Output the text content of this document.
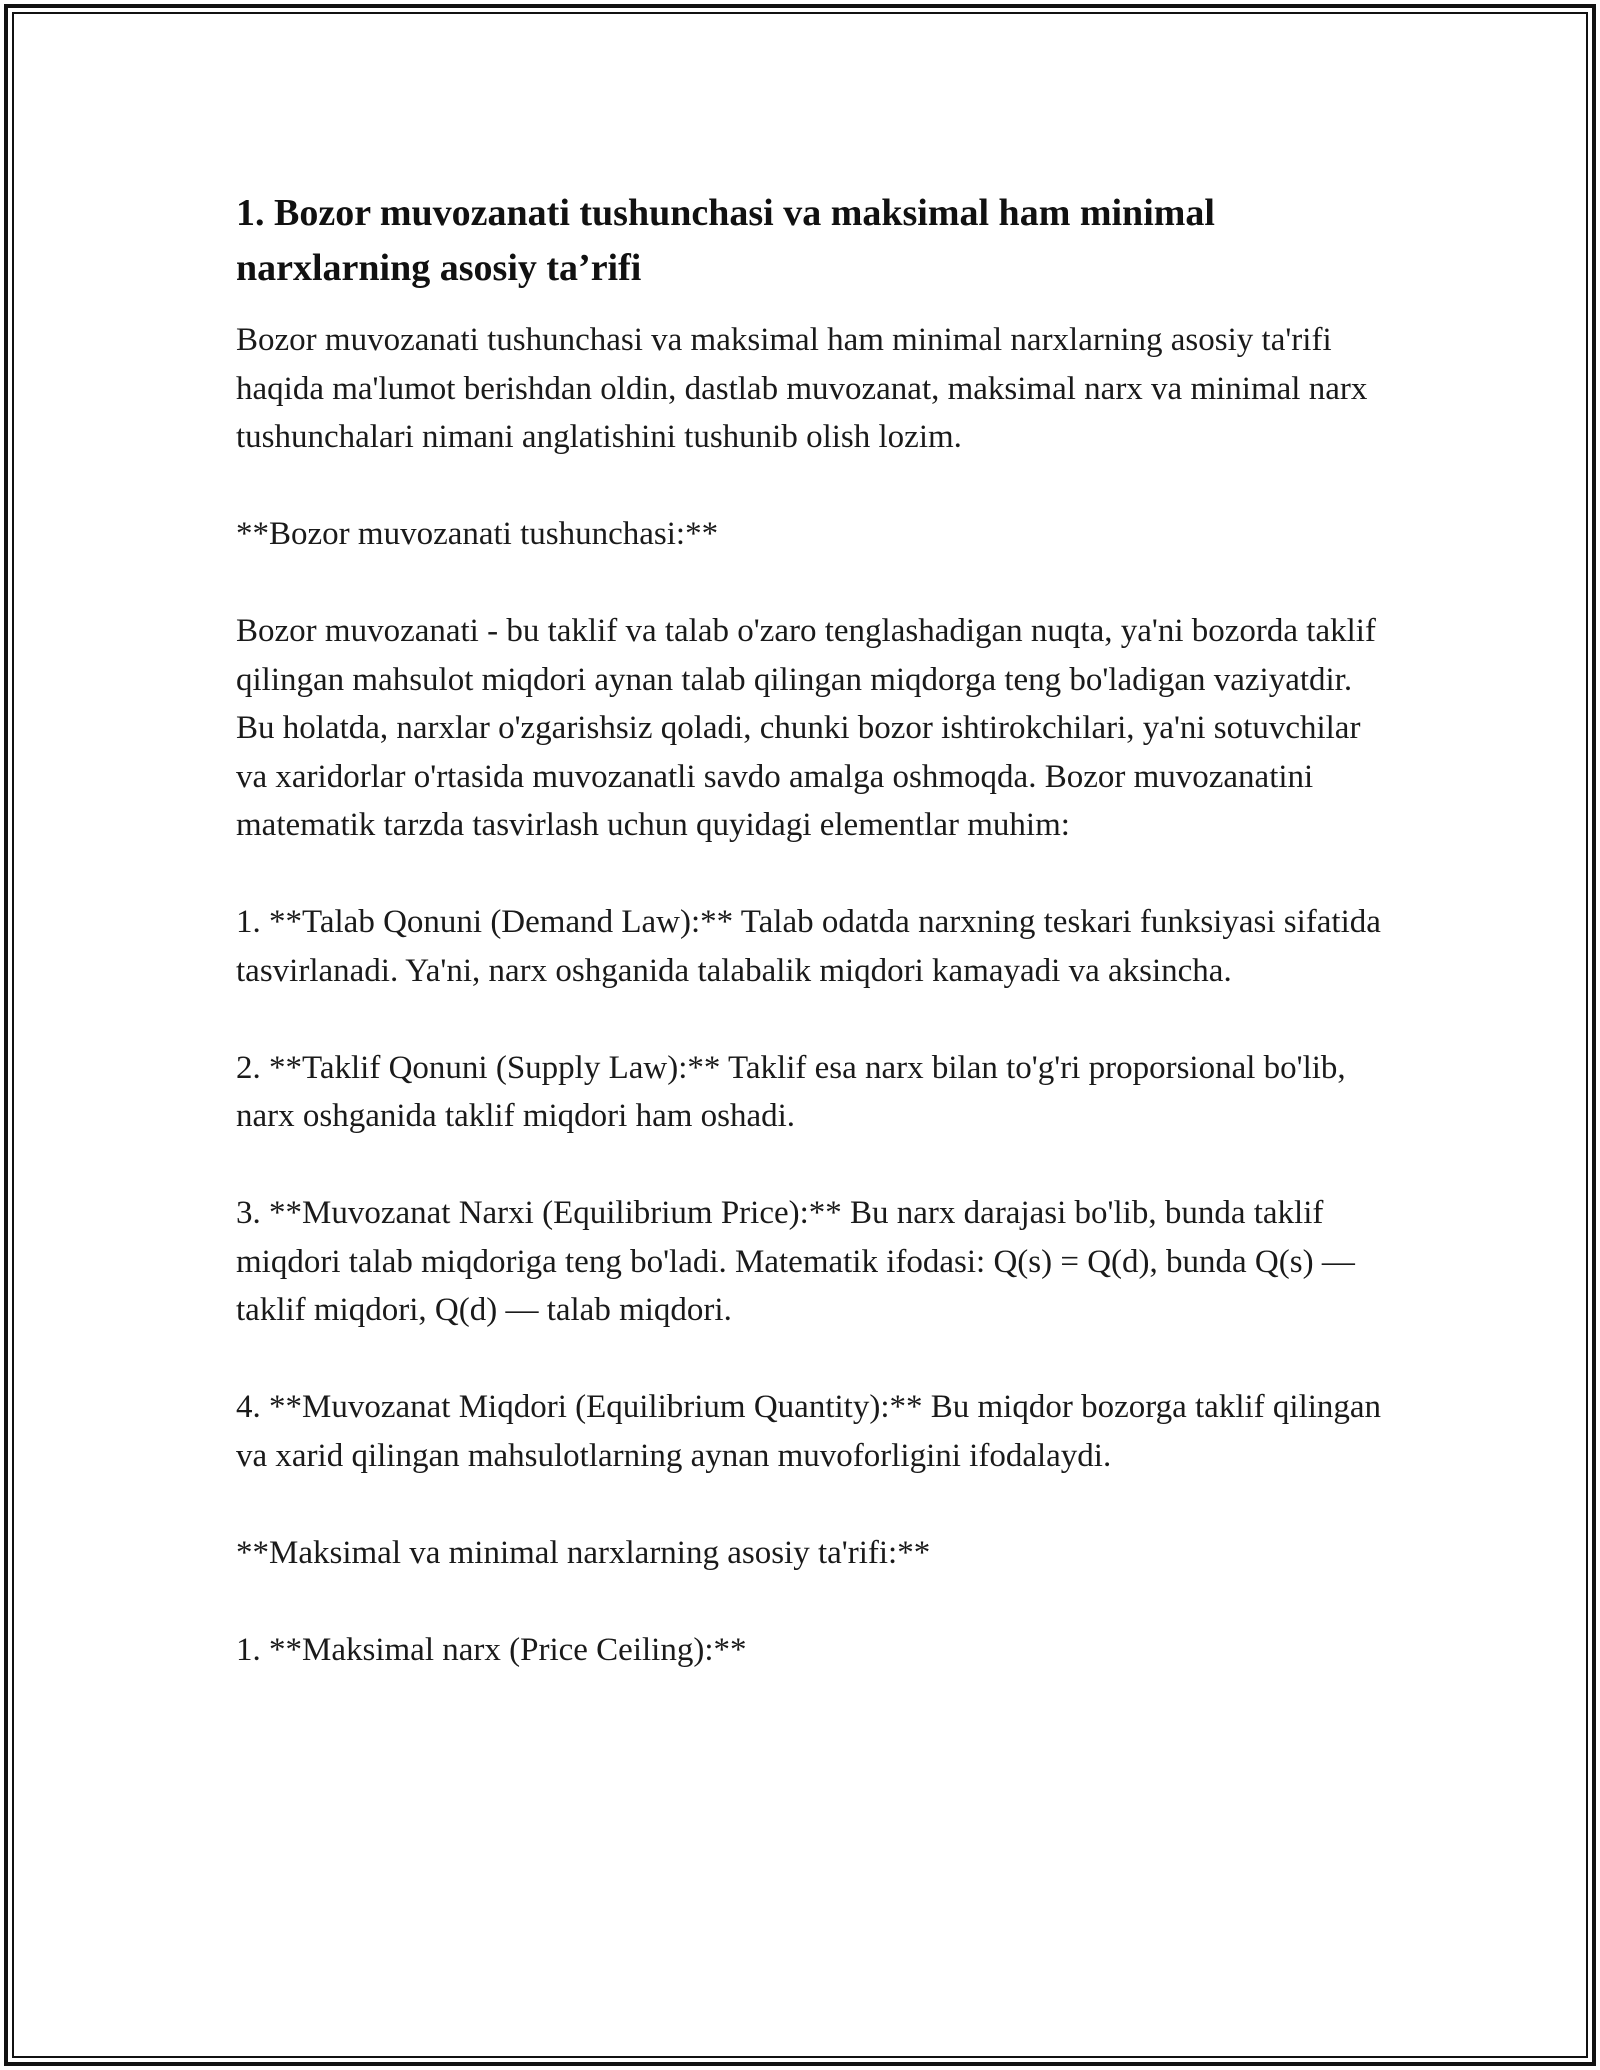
1. Bozor muvozanati tushunchasi va maksimal ham minimal narxlarning asosiy ta’rifi

Bozor muvozanati tushunchasi va maksimal ham minimal narxlarning asosiy ta'rifi haqida ma'lumot berishdan oldin, dastlab muvozanat, maksimal narx va minimal narx tushunchalari nimani anglatishini tushunib olish lozim.

**Bozor muvozanati tushunchasi:**

Bozor muvozanati - bu taklif va talab o'zaro tenglashadigan nuqta, ya'ni bozorda taklif qilingan mahsulot miqdori aynan talab qilingan miqdorga teng bo'ladigan vaziyatdir. Bu holatda, narxlar o'zgarishsiz qoladi, chunki bozor ishtirokchilari, ya'ni sotuvchilar va xaridorlar o'rtasida muvozanatli savdo amalga oshmoqda. Bozor muvozanatini matematik tarzda tasvirlash uchun quyidagi elementlar muhim:

1. **Talab Qonuni (Demand Law):** Talab odatda narxning teskari funksiyasi sifatida tasvirlanadi. Ya'ni, narx oshganida talabalik miqdori kamayadi va aksincha.

2. **Taklif Qonuni (Supply Law):** Taklif esa narx bilan to'g'ri proporsional bo'lib, narx oshganida taklif miqdori ham oshadi.

3. **Muvozanat Narxi (Equilibrium Price):** Bu narx darajasi bo'lib, bunda taklif miqdori talab miqdoriga teng bo'ladi. Matematik ifodasi: Q(s) = Q(d), bunda Q(s) — taklif miqdori, Q(d) — talab miqdori.

4. **Muvozanat Miqdori (Equilibrium Quantity):** Bu miqdor bozorga taklif qilingan va xarid qilingan mahsulotlarning aynan muvoforligini ifodalaydi.

**Maksimal va minimal narxlarning asosiy ta'rifi:**

1. **Maksimal narx (Price Ceiling):**
